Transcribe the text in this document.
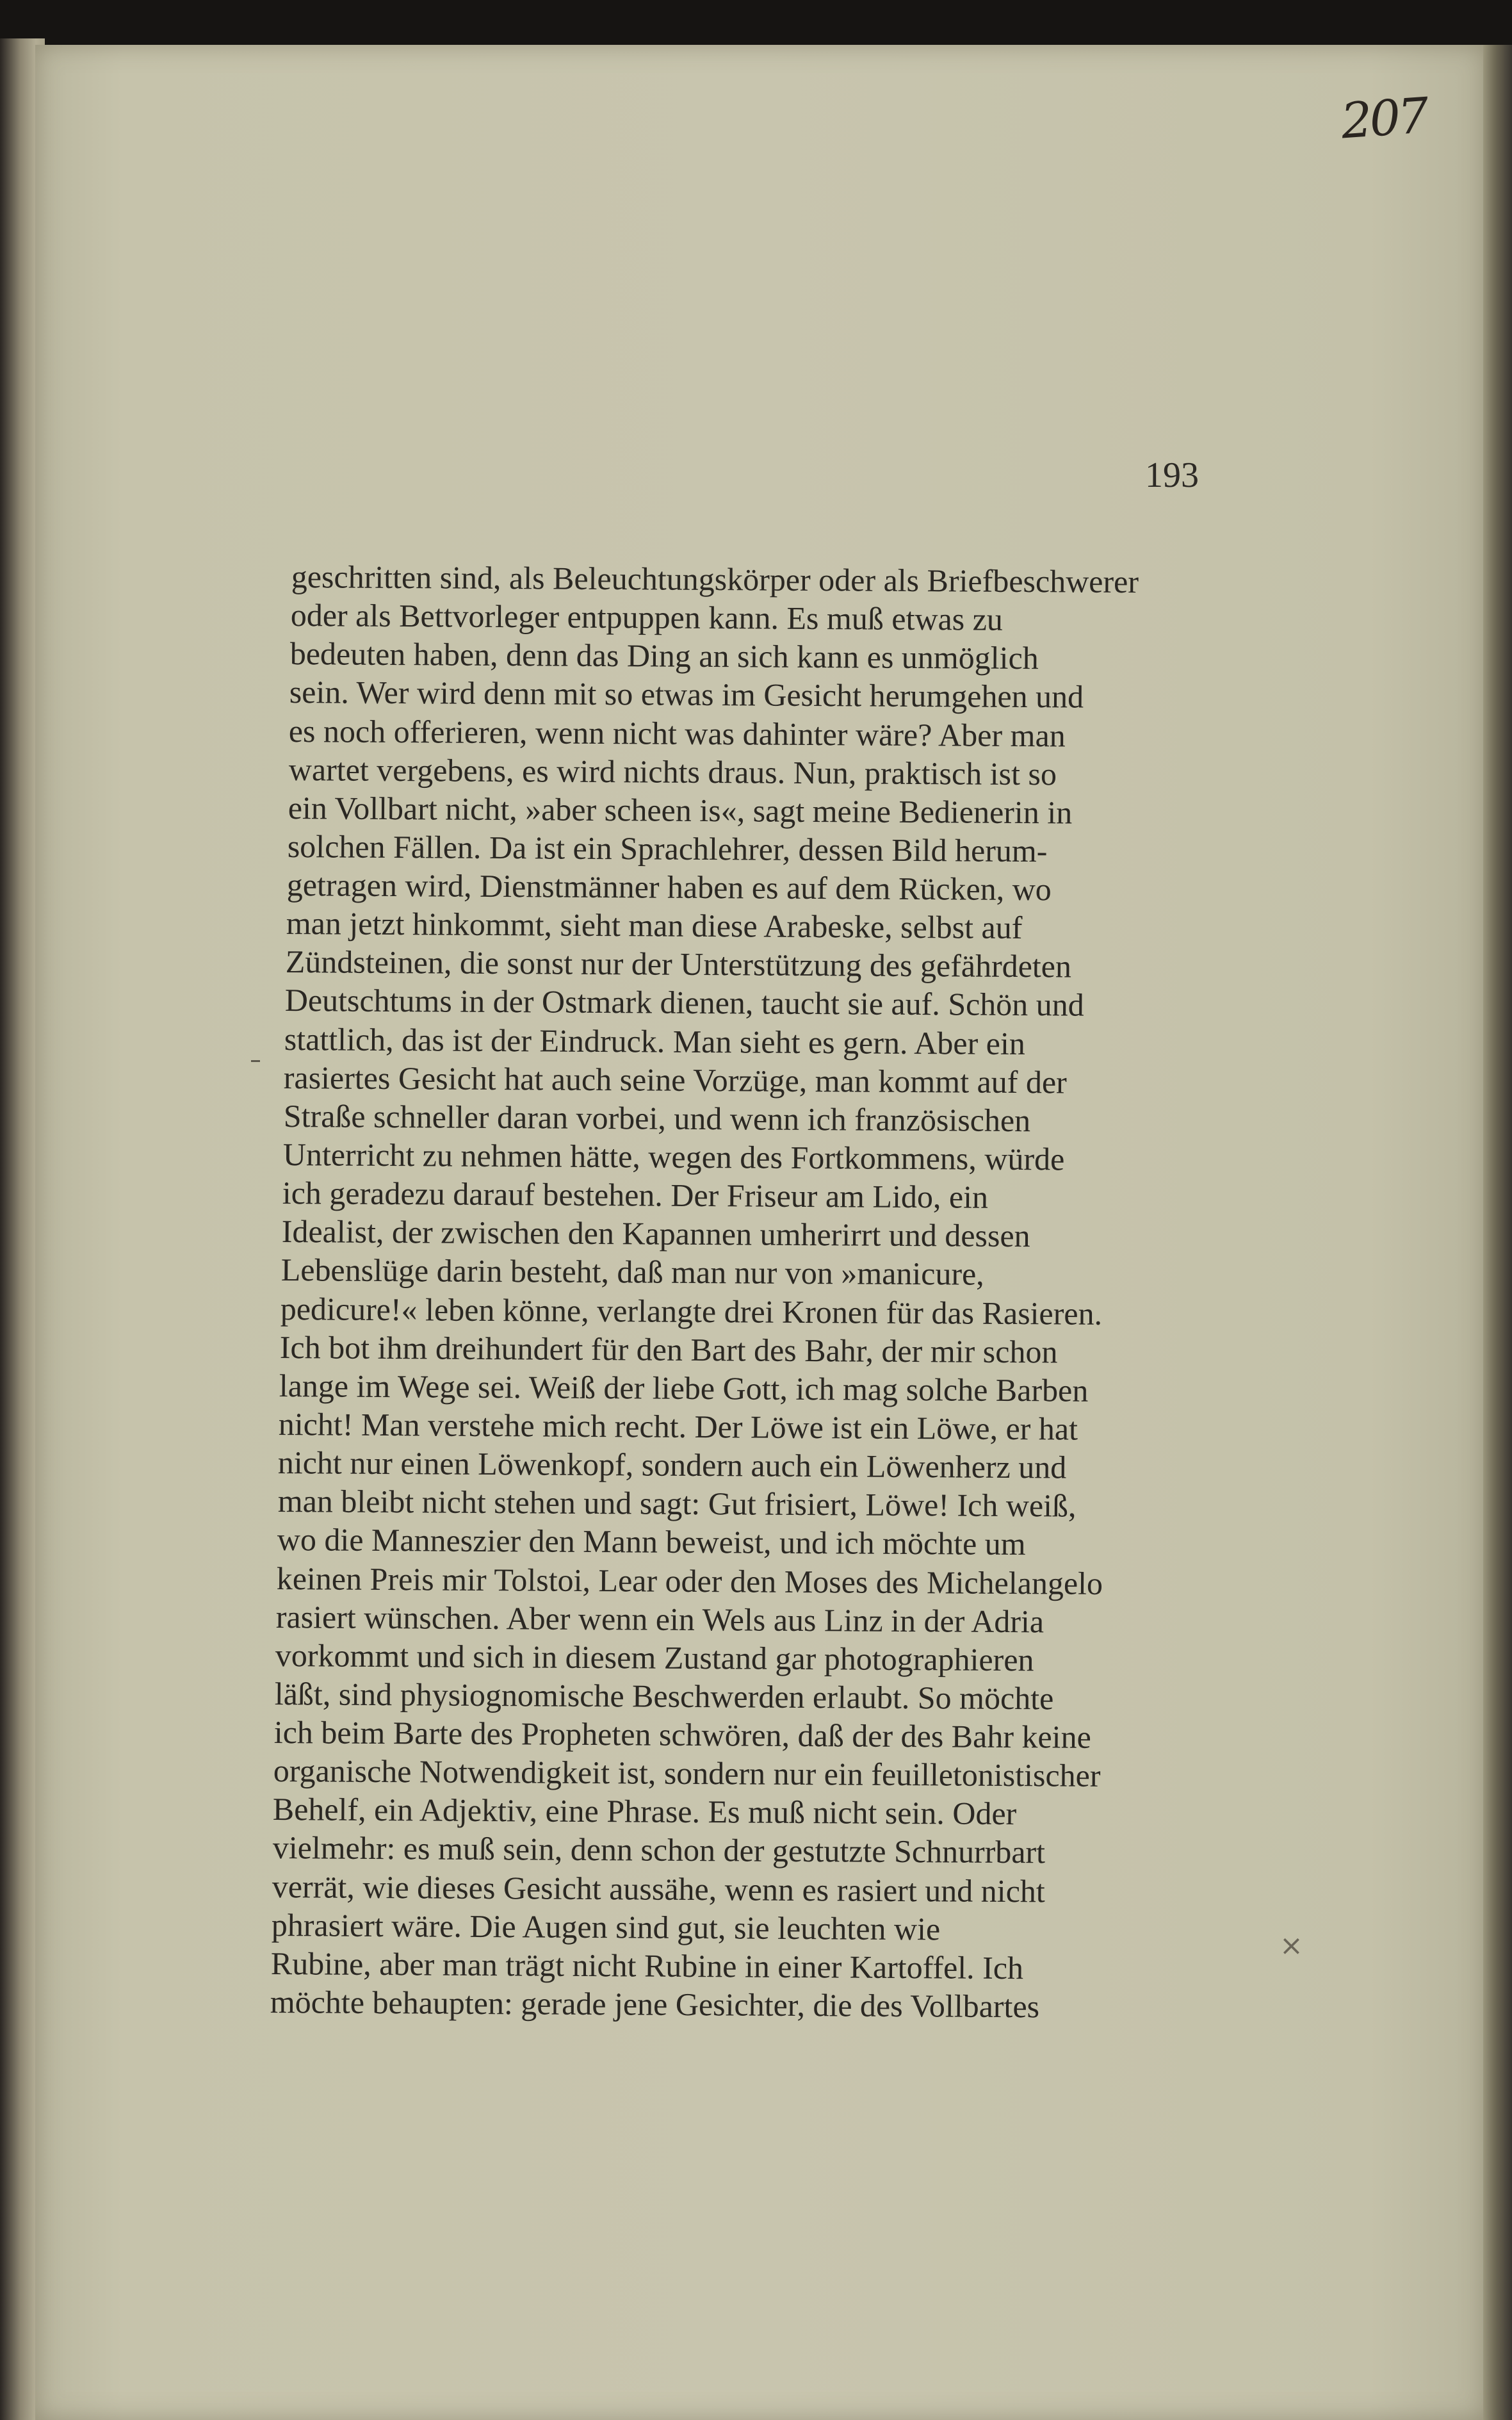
207
193
geschritten sind, als Beleuchtungskörper oder als Briefbeschwerer
oder als Bettvorleger entpuppen kann. Es muß etwas zu
bedeuten haben, denn das Ding an sich kann es unmöglich
sein. Wer wird denn mit so etwas im Gesicht herumgehen und
es noch offerieren, wenn nicht was dahinter wäre? Aber man
wartet vergebens, es wird nichts draus. Nun, praktisch ist so
ein Vollbart nicht, »aber scheen is«, sagt meine Bedienerin in
solchen Fällen. Da ist ein Sprachlehrer, dessen Bild herum-
getragen wird, Dienstmänner haben es auf dem Rücken, wo
man jetzt hinkommt, sieht man diese Arabeske, selbst auf
Zündsteinen, die sonst nur der Unterstützung des gefährdeten
Deutschtums in der Ostmark dienen, taucht sie auf. Schön und
stattlich, das ist der Eindruck. Man sieht es gern. Aber ein
rasiertes Gesicht hat auch seine Vorzüge, man kommt auf der
Straße schneller daran vorbei, und wenn ich französischen
Unterricht zu nehmen hätte, wegen des Fortkommens, würde
ich geradezu darauf bestehen. Der Friseur am Lido, ein
Idealist, der zwischen den Kapannen umherirrt und dessen
Lebenslüge darin besteht, daß man nur von »manicure,
pedicure!« leben könne, verlangte drei Kronen für das Rasieren.
Ich bot ihm dreihundert für den Bart des Bahr, der mir schon
lange im Wege sei. Weiß der liebe Gott, ich mag solche Barben
nicht! Man verstehe mich recht. Der Löwe ist ein Löwe, er hat
nicht nur einen Löwenkopf, sondern auch ein Löwenherz und
man bleibt nicht stehen und sagt: Gut frisiert, Löwe! Ich weiß,
wo die Manneszier den Mann beweist, und ich möchte um
keinen Preis mir Tolstoi, Lear oder den Moses des Michelangelo
rasiert wünschen. Aber wenn ein Wels aus Linz in der Adria
vorkommt und sich in diesem Zustand gar photographieren
läßt, sind physiognomische Beschwerden erlaubt. So möchte
ich beim Barte des Propheten schwören, daß der des Bahr keine
organische Notwendigkeit ist, sondern nur ein feuilletonistischer
Behelf, ein Adjektiv, eine Phrase. Es muß nicht sein. Oder
vielmehr: es muß sein, denn schon der gestutzte Schnurrbart
verrät, wie dieses Gesicht aussähe, wenn es rasiert und nicht
phrasiert wäre. Die Augen sind gut, sie leuchten wie
Rubine, aber man trägt nicht Rubine in einer Kartoffel. Ich
möchte behaupten: gerade jene Gesichter, die des Vollbartes
×
